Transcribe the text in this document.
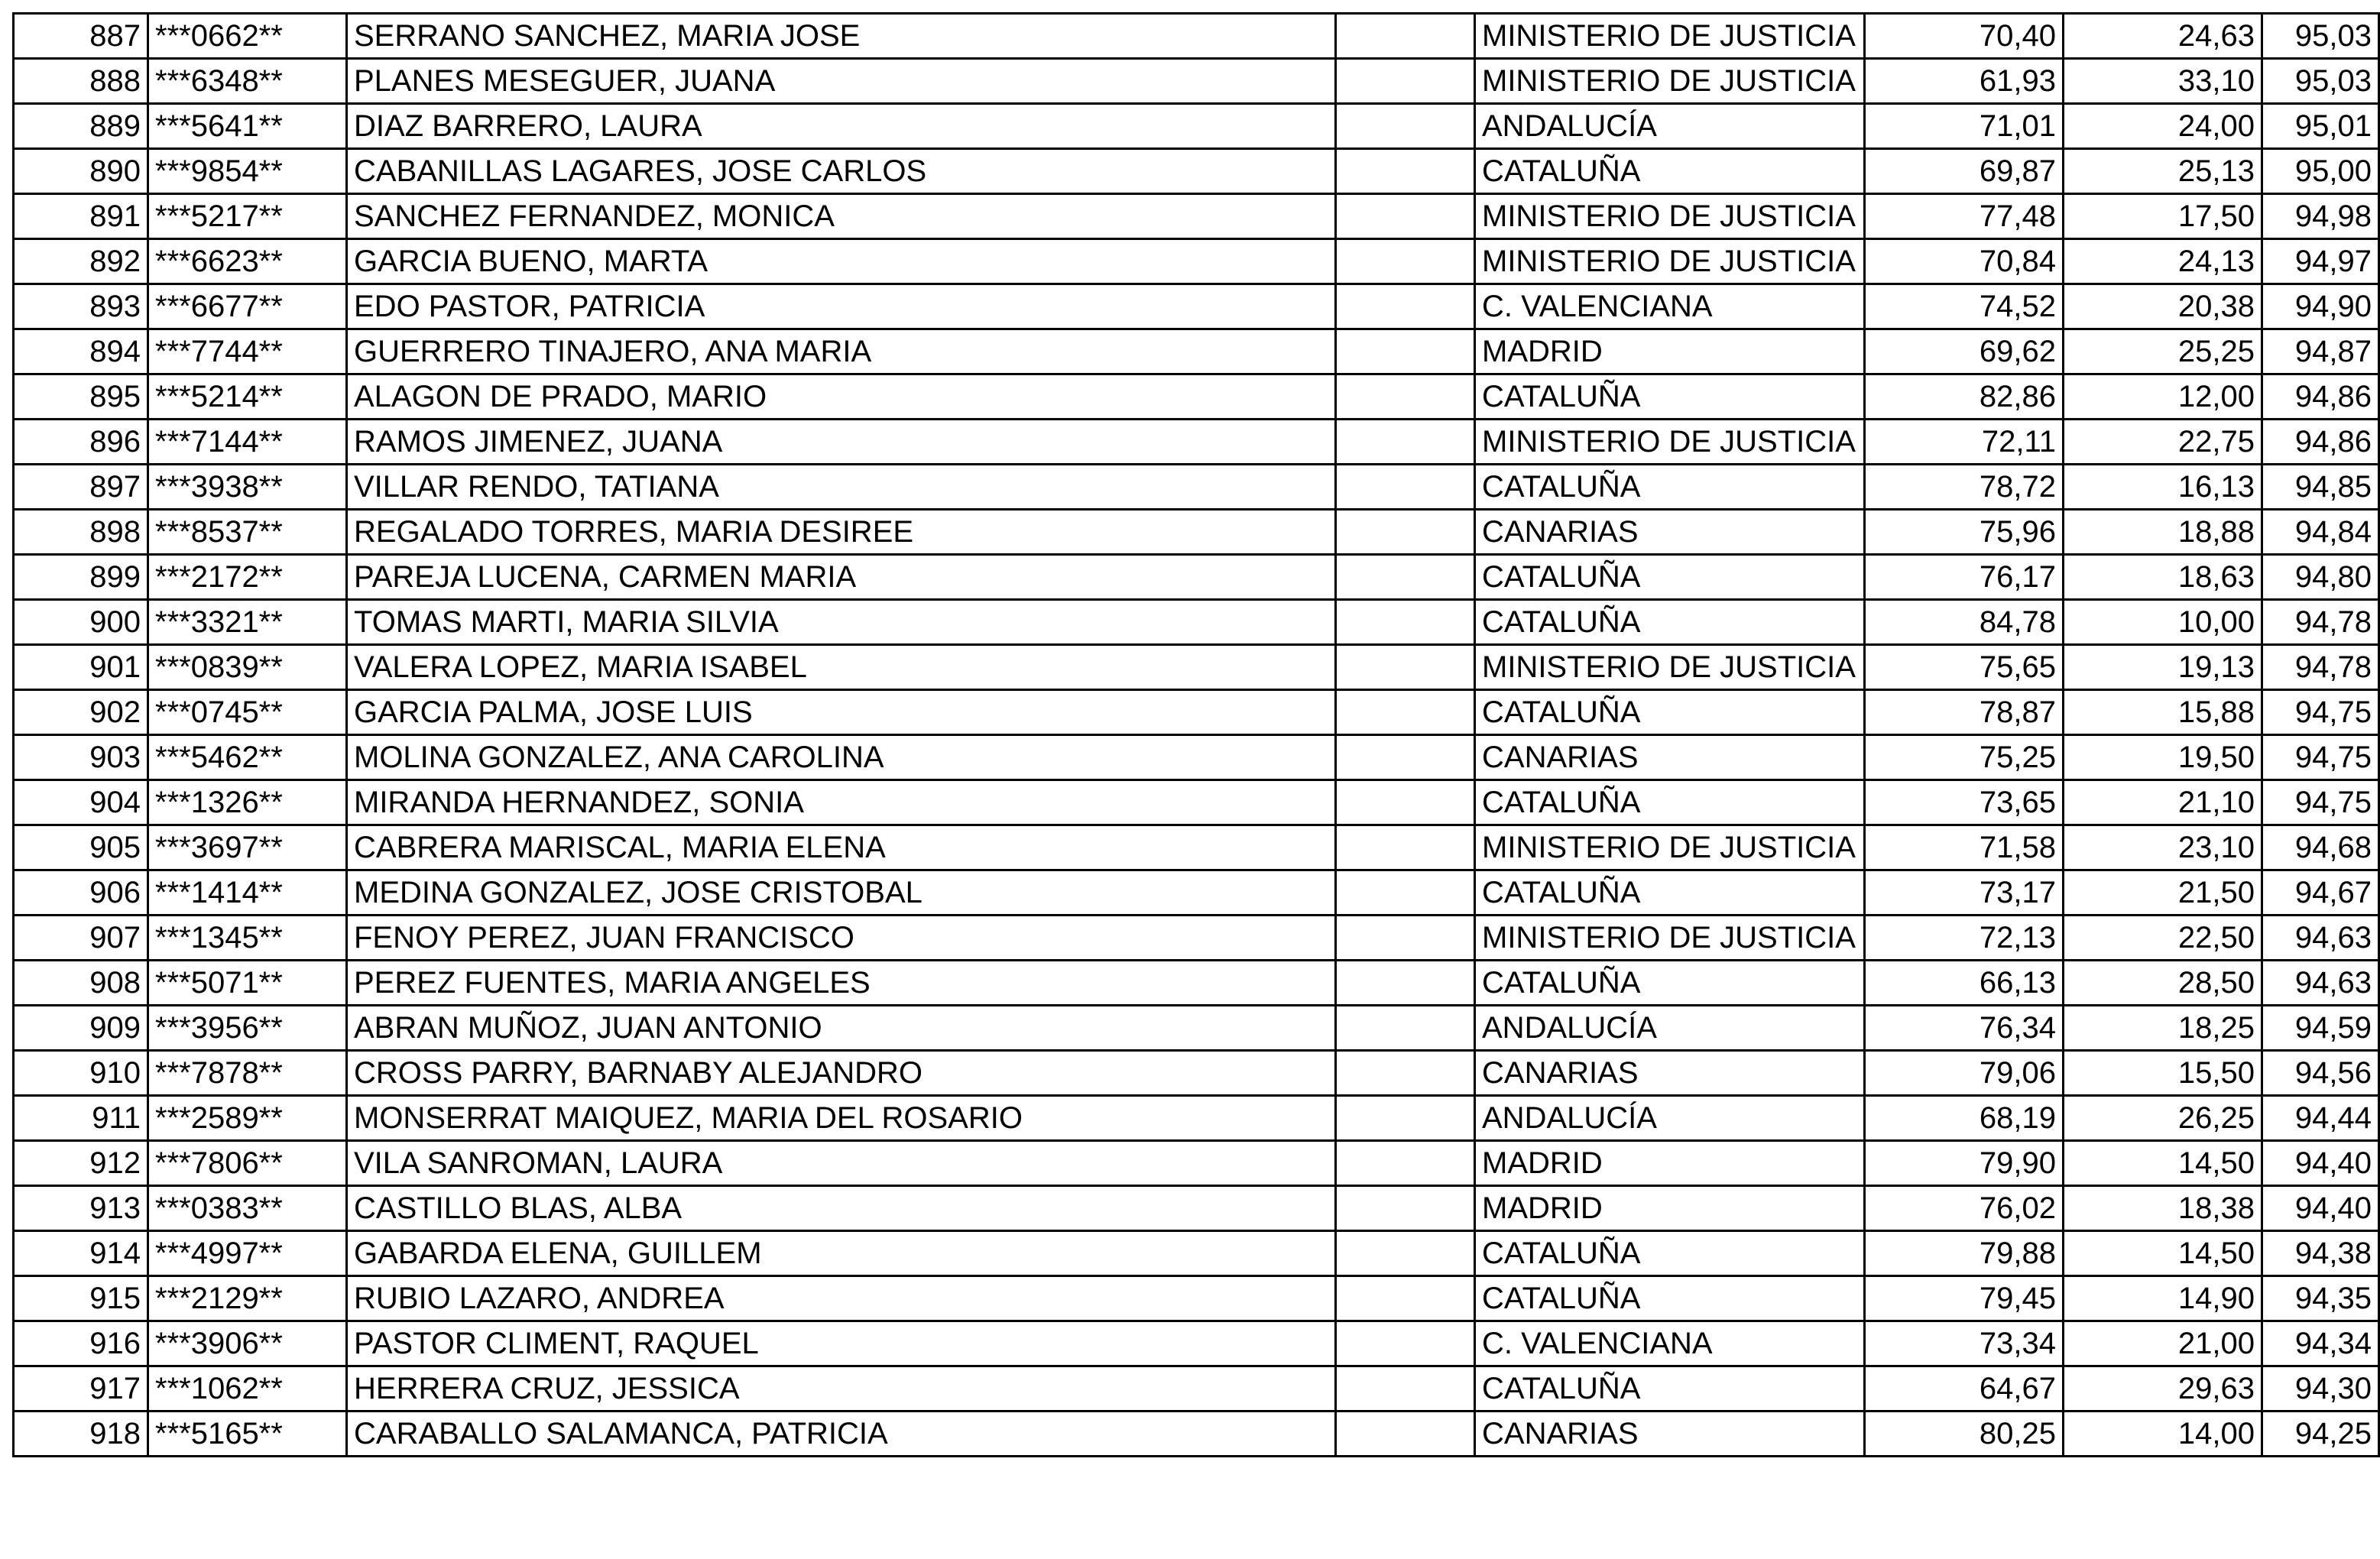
887	***0662**	SERRANO SANCHEZ, MARIA JOSE		MINISTERIO DE JUSTICIA	70,40	24,63	95,03
888	***6348**	PLANES MESEGUER, JUANA		MINISTERIO DE JUSTICIA	61,93	33,10	95,03
889	***5641**	DIAZ BARRERO, LAURA		ANDALUCÍA	71,01	24,00	95,01
890	***9854**	CABANILLAS LAGARES, JOSE CARLOS		CATALUÑA	69,87	25,13	95,00
891	***5217**	SANCHEZ FERNANDEZ, MONICA		MINISTERIO DE JUSTICIA	77,48	17,50	94,98
892	***6623**	GARCIA BUENO, MARTA		MINISTERIO DE JUSTICIA	70,84	24,13	94,97
893	***6677**	EDO PASTOR, PATRICIA		C. VALENCIANA	74,52	20,38	94,90
894	***7744**	GUERRERO TINAJERO, ANA MARIA		MADRID	69,62	25,25	94,87
895	***5214**	ALAGON DE PRADO, MARIO		CATALUÑA	82,86	12,00	94,86
896	***7144**	RAMOS JIMENEZ, JUANA		MINISTERIO DE JUSTICIA	72,11	22,75	94,86
897	***3938**	VILLAR RENDO, TATIANA		CATALUÑA	78,72	16,13	94,85
898	***8537**	REGALADO TORRES, MARIA DESIREE		CANARIAS	75,96	18,88	94,84
899	***2172**	PAREJA LUCENA, CARMEN MARIA		CATALUÑA	76,17	18,63	94,80
900	***3321**	TOMAS MARTI, MARIA SILVIA		CATALUÑA	84,78	10,00	94,78
901	***0839**	VALERA LOPEZ, MARIA ISABEL		MINISTERIO DE JUSTICIA	75,65	19,13	94,78
902	***0745**	GARCIA PALMA, JOSE LUIS		CATALUÑA	78,87	15,88	94,75
903	***5462**	MOLINA GONZALEZ, ANA CAROLINA		CANARIAS	75,25	19,50	94,75
904	***1326**	MIRANDA HERNANDEZ, SONIA		CATALUÑA	73,65	21,10	94,75
905	***3697**	CABRERA MARISCAL, MARIA ELENA		MINISTERIO DE JUSTICIA	71,58	23,10	94,68
906	***1414**	MEDINA GONZALEZ, JOSE CRISTOBAL		CATALUÑA	73,17	21,50	94,67
907	***1345**	FENOY PEREZ, JUAN FRANCISCO		MINISTERIO DE JUSTICIA	72,13	22,50	94,63
908	***5071**	PEREZ FUENTES, MARIA ANGELES		CATALUÑA	66,13	28,50	94,63
909	***3956**	ABRAN MUÑOZ, JUAN ANTONIO		ANDALUCÍA	76,34	18,25	94,59
910	***7878**	CROSS PARRY, BARNABY ALEJANDRO		CANARIAS	79,06	15,50	94,56
911	***2589**	MONSERRAT MAIQUEZ, MARIA DEL ROSARIO		ANDALUCÍA	68,19	26,25	94,44
912	***7806**	VILA SANROMAN, LAURA		MADRID	79,90	14,50	94,40
913	***0383**	CASTILLO BLAS, ALBA		MADRID	76,02	18,38	94,40
914	***4997**	GABARDA ELENA, GUILLEM		CATALUÑA	79,88	14,50	94,38
915	***2129**	RUBIO LAZARO, ANDREA		CATALUÑA	79,45	14,90	94,35
916	***3906**	PASTOR CLIMENT, RAQUEL		C. VALENCIANA	73,34	21,00	94,34
917	***1062**	HERRERA CRUZ, JESSICA		CATALUÑA	64,67	29,63	94,30
918	***5165**	CARABALLO SALAMANCA, PATRICIA		CANARIAS	80,25	14,00	94,25
